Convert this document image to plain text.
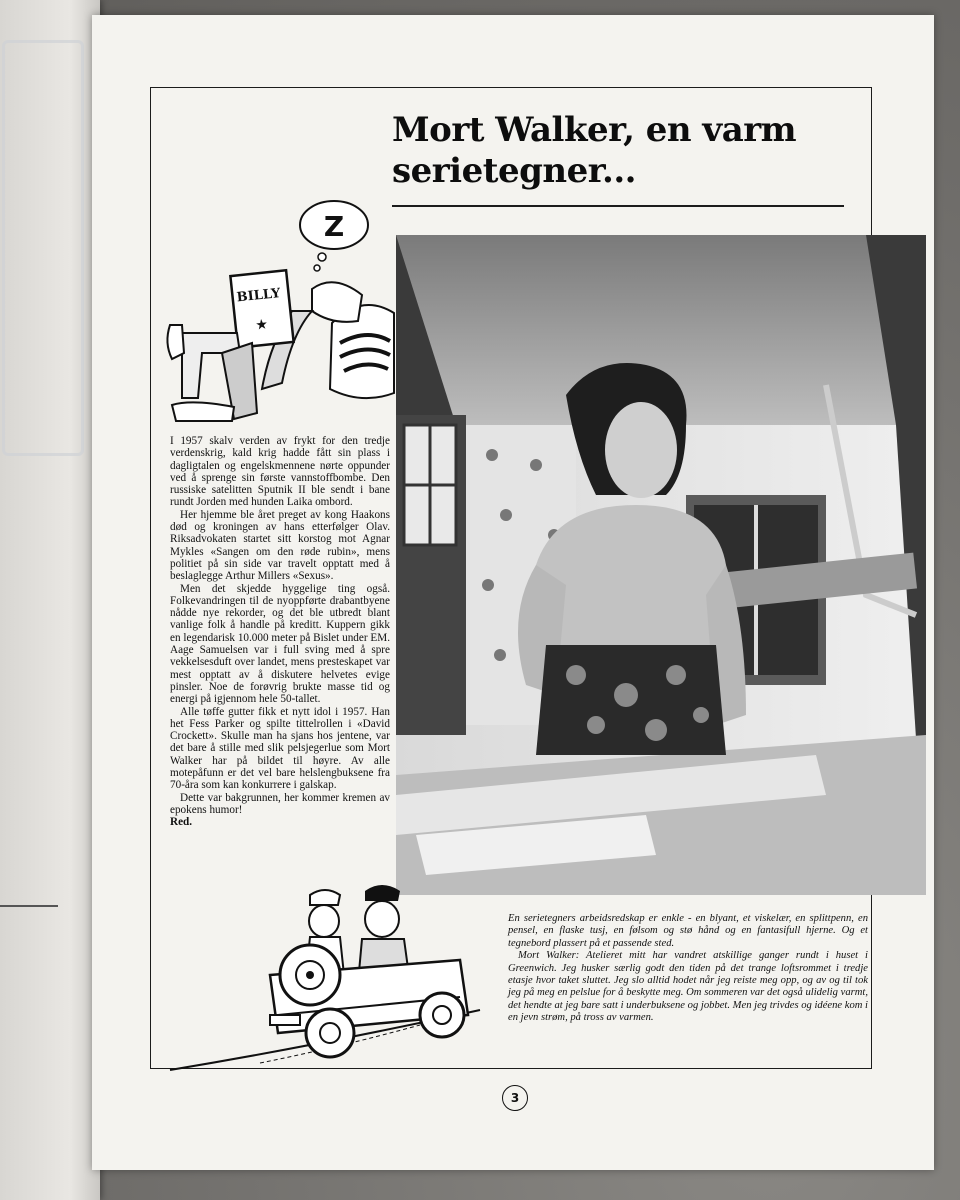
Mort Walker, en varm
serietegner...
Z
BILLY
★

I 1957 skalv verden av frykt for den tredje verdenskrig, kald krig hadde fått sin plass i dagligtalen og engelskmennene nørte oppunder ved å sprenge sin første vannstoffbombe. Den russiske satelitten Sputnik II ble sendt i bane rundt Jorden med hunden Laika ombord.

Her hjemme ble året preget av kong Haakons død og kroningen av hans etterfølger Olav. Riksadvokaten startet sitt korstog mot Agnar Mykles «Sangen om den røde rubin», mens politiet på sin side var travelt opptatt med å beslaglegge Arthur Millers «Sexus».

Men det skjedde hyggelige ting også. Folkevandringen til de nyoppførte drabantbyene nådde nye rekorder, og det ble utbredt blant vanlige folk å handle på kreditt. Kuppern gikk en legendarisk 10.000 meter på Bislet under EM. Aage Samuelsen var i full sving med å spre vekkelsesduft over landet, mens presteskapet var mest opptatt av å diskutere helvetes evige pinsler. Noe de forøvrig brukte masse tid og energi på igjennom hele 50-tallet.

Alle tøffe gutter fikk et nytt idol i 1957. Han het Fess Parker og spilte tittelrollen i «David Crockett». Skulle man ha sjans hos jentene, var det bare å stille med slik pelsjegerlue som Mort Walker har på bildet til høyre. Av alle motepåfunn er det vel bare helslengbuksene fra 70-åra som kan konkurrere i galskap.

Dette var bakgrunnen, her kommer kremen av epokens humor!

Red.

En serietegners arbeidsredskap er enkle - en blyant, et viskelær, en splittpenn, en pensel, en flaske tusj, en følsom og stø hånd og en fantasifull hjerne. Og et tegnebord plassert på et passende sted.

Mort Walker: Atelieret mitt har vandret atskillige ganger rundt i huset i Greenwich. Jeg husker særlig godt den tiden på det trange loftsrommet i tredje etasje hvor taket sluttet. Jeg slo alltid hodet når jeg reiste meg opp, og av og til tok jeg på meg en pelslue for å beskytte meg. Om sommeren var det også ulidelig varmt, det hendte at jeg bare satt i underbuksene og jobbet. Men jeg trivdes og idéene kom i en jevn strøm, på tross av varmen.

3
